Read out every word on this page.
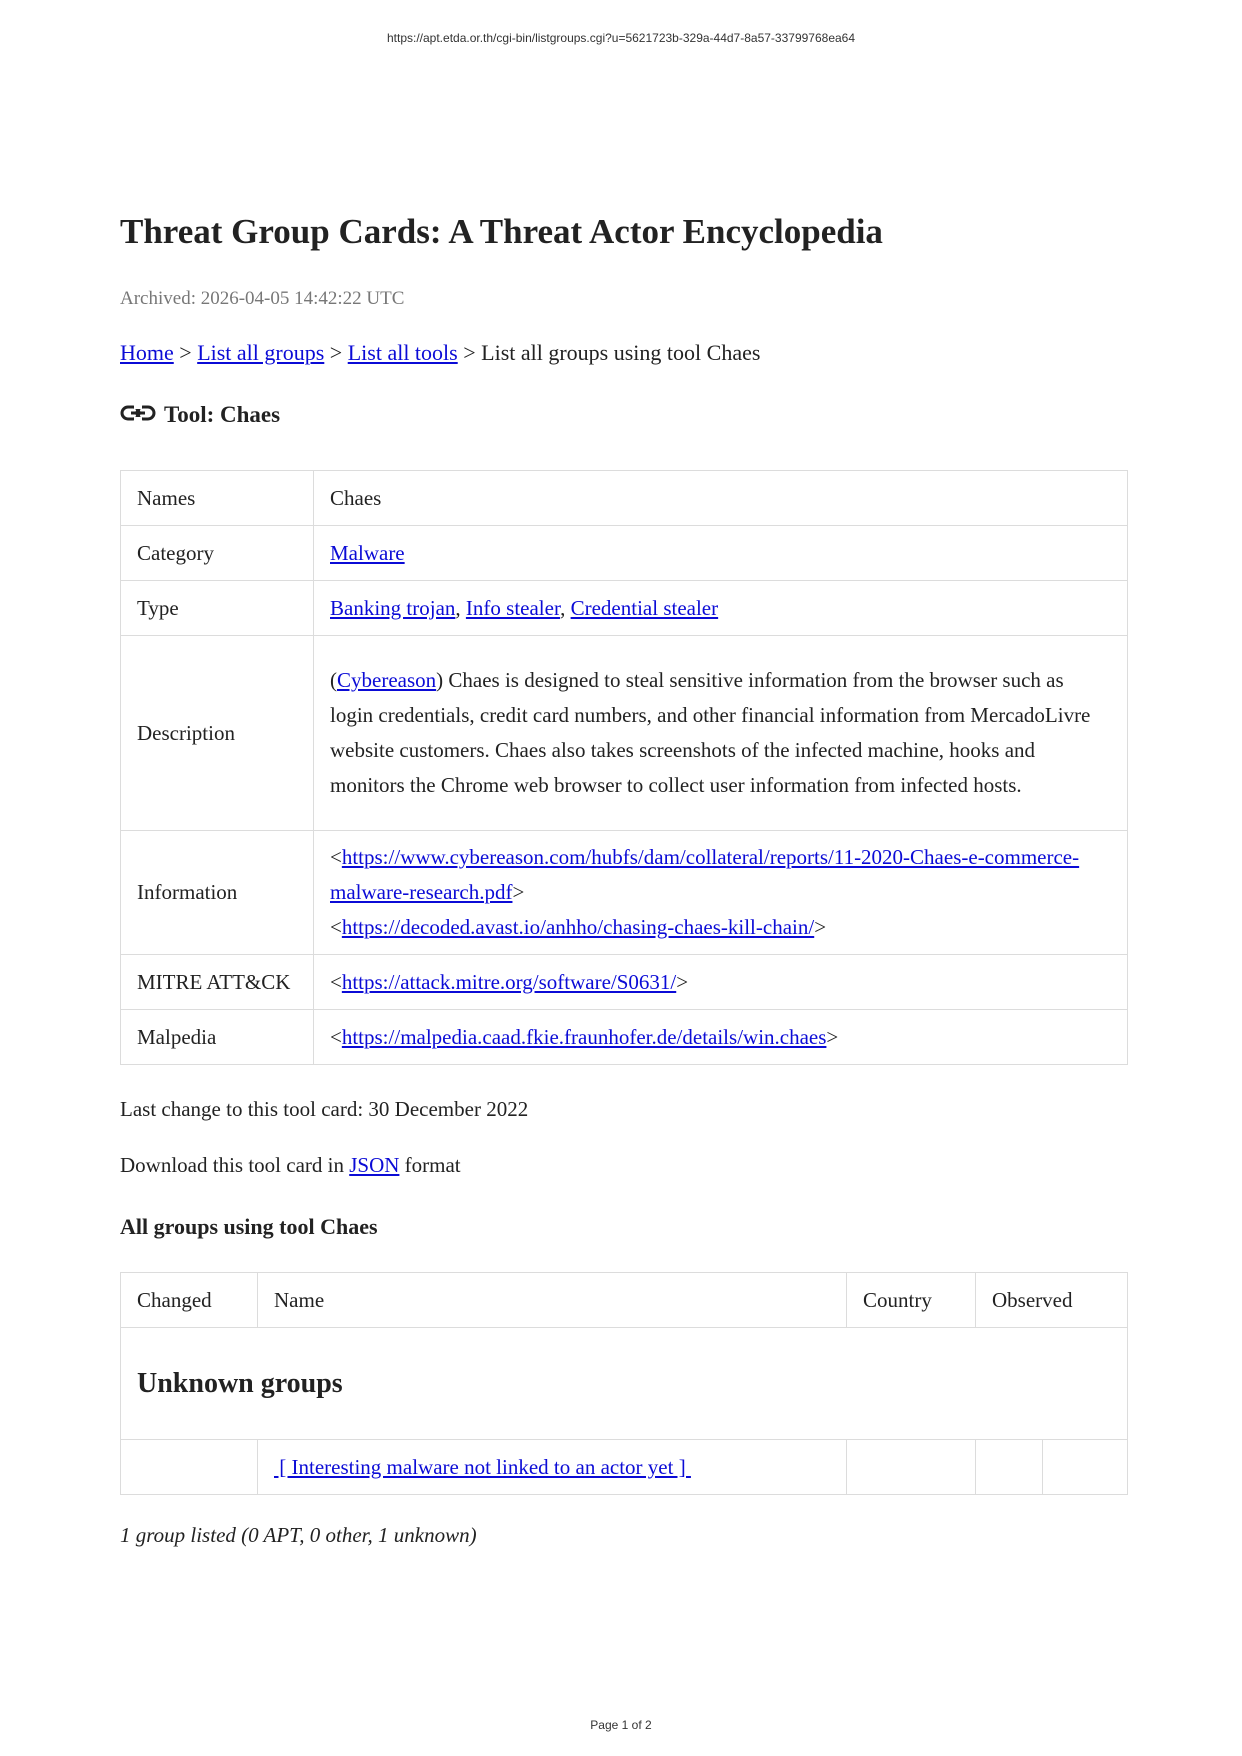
https://apt.etda.or.th/cgi-bin/listgroups.cgi?u=5621723b-329a-44d7-8a57-33799768ea64
Threat Group Cards: A Threat Actor Encyclopedia
Archived: 2026-04-05 14:42:22 UTC
Home > List all groups > List all tools > List all groups using tool Chaes
Tool: Chaes
Names	Chaes
Category	Malware
Type	Banking trojan, Info stealer, Credential stealer
Description	(Cybereason) Chaes is designed to steal sensitive information from the browser such as login credentials, credit card numbers, and other financial information from MercadoLivre website customers. Chaes also takes screenshots of the infected machine, hooks and monitors the Chrome web browser to collect user information from infected hosts.
Information	<https://www.cybereason.com/hubfs/dam/collateral/reports/11-2020-Chaes-e-commerce-malware-research.pdf>
<https://decoded.avast.io/anhho/chasing-chaes-kill-chain/>
MITRE ATT&CK	<https://attack.mitre.org/software/S0631/>
Malpedia	<https://malpedia.caad.fkie.fraunhofer.de/details/win.chaes>
Last change to this tool card: 30 December 2022
Download this tool card in JSON format
All groups using tool Chaes
Changed	Name	Country	Observed	
Unknown groups				
	[ Interesting malware not linked to an actor yet ]			
1 group listed (0 APT, 0 other, 1 unknown)
Page 1 of 2
